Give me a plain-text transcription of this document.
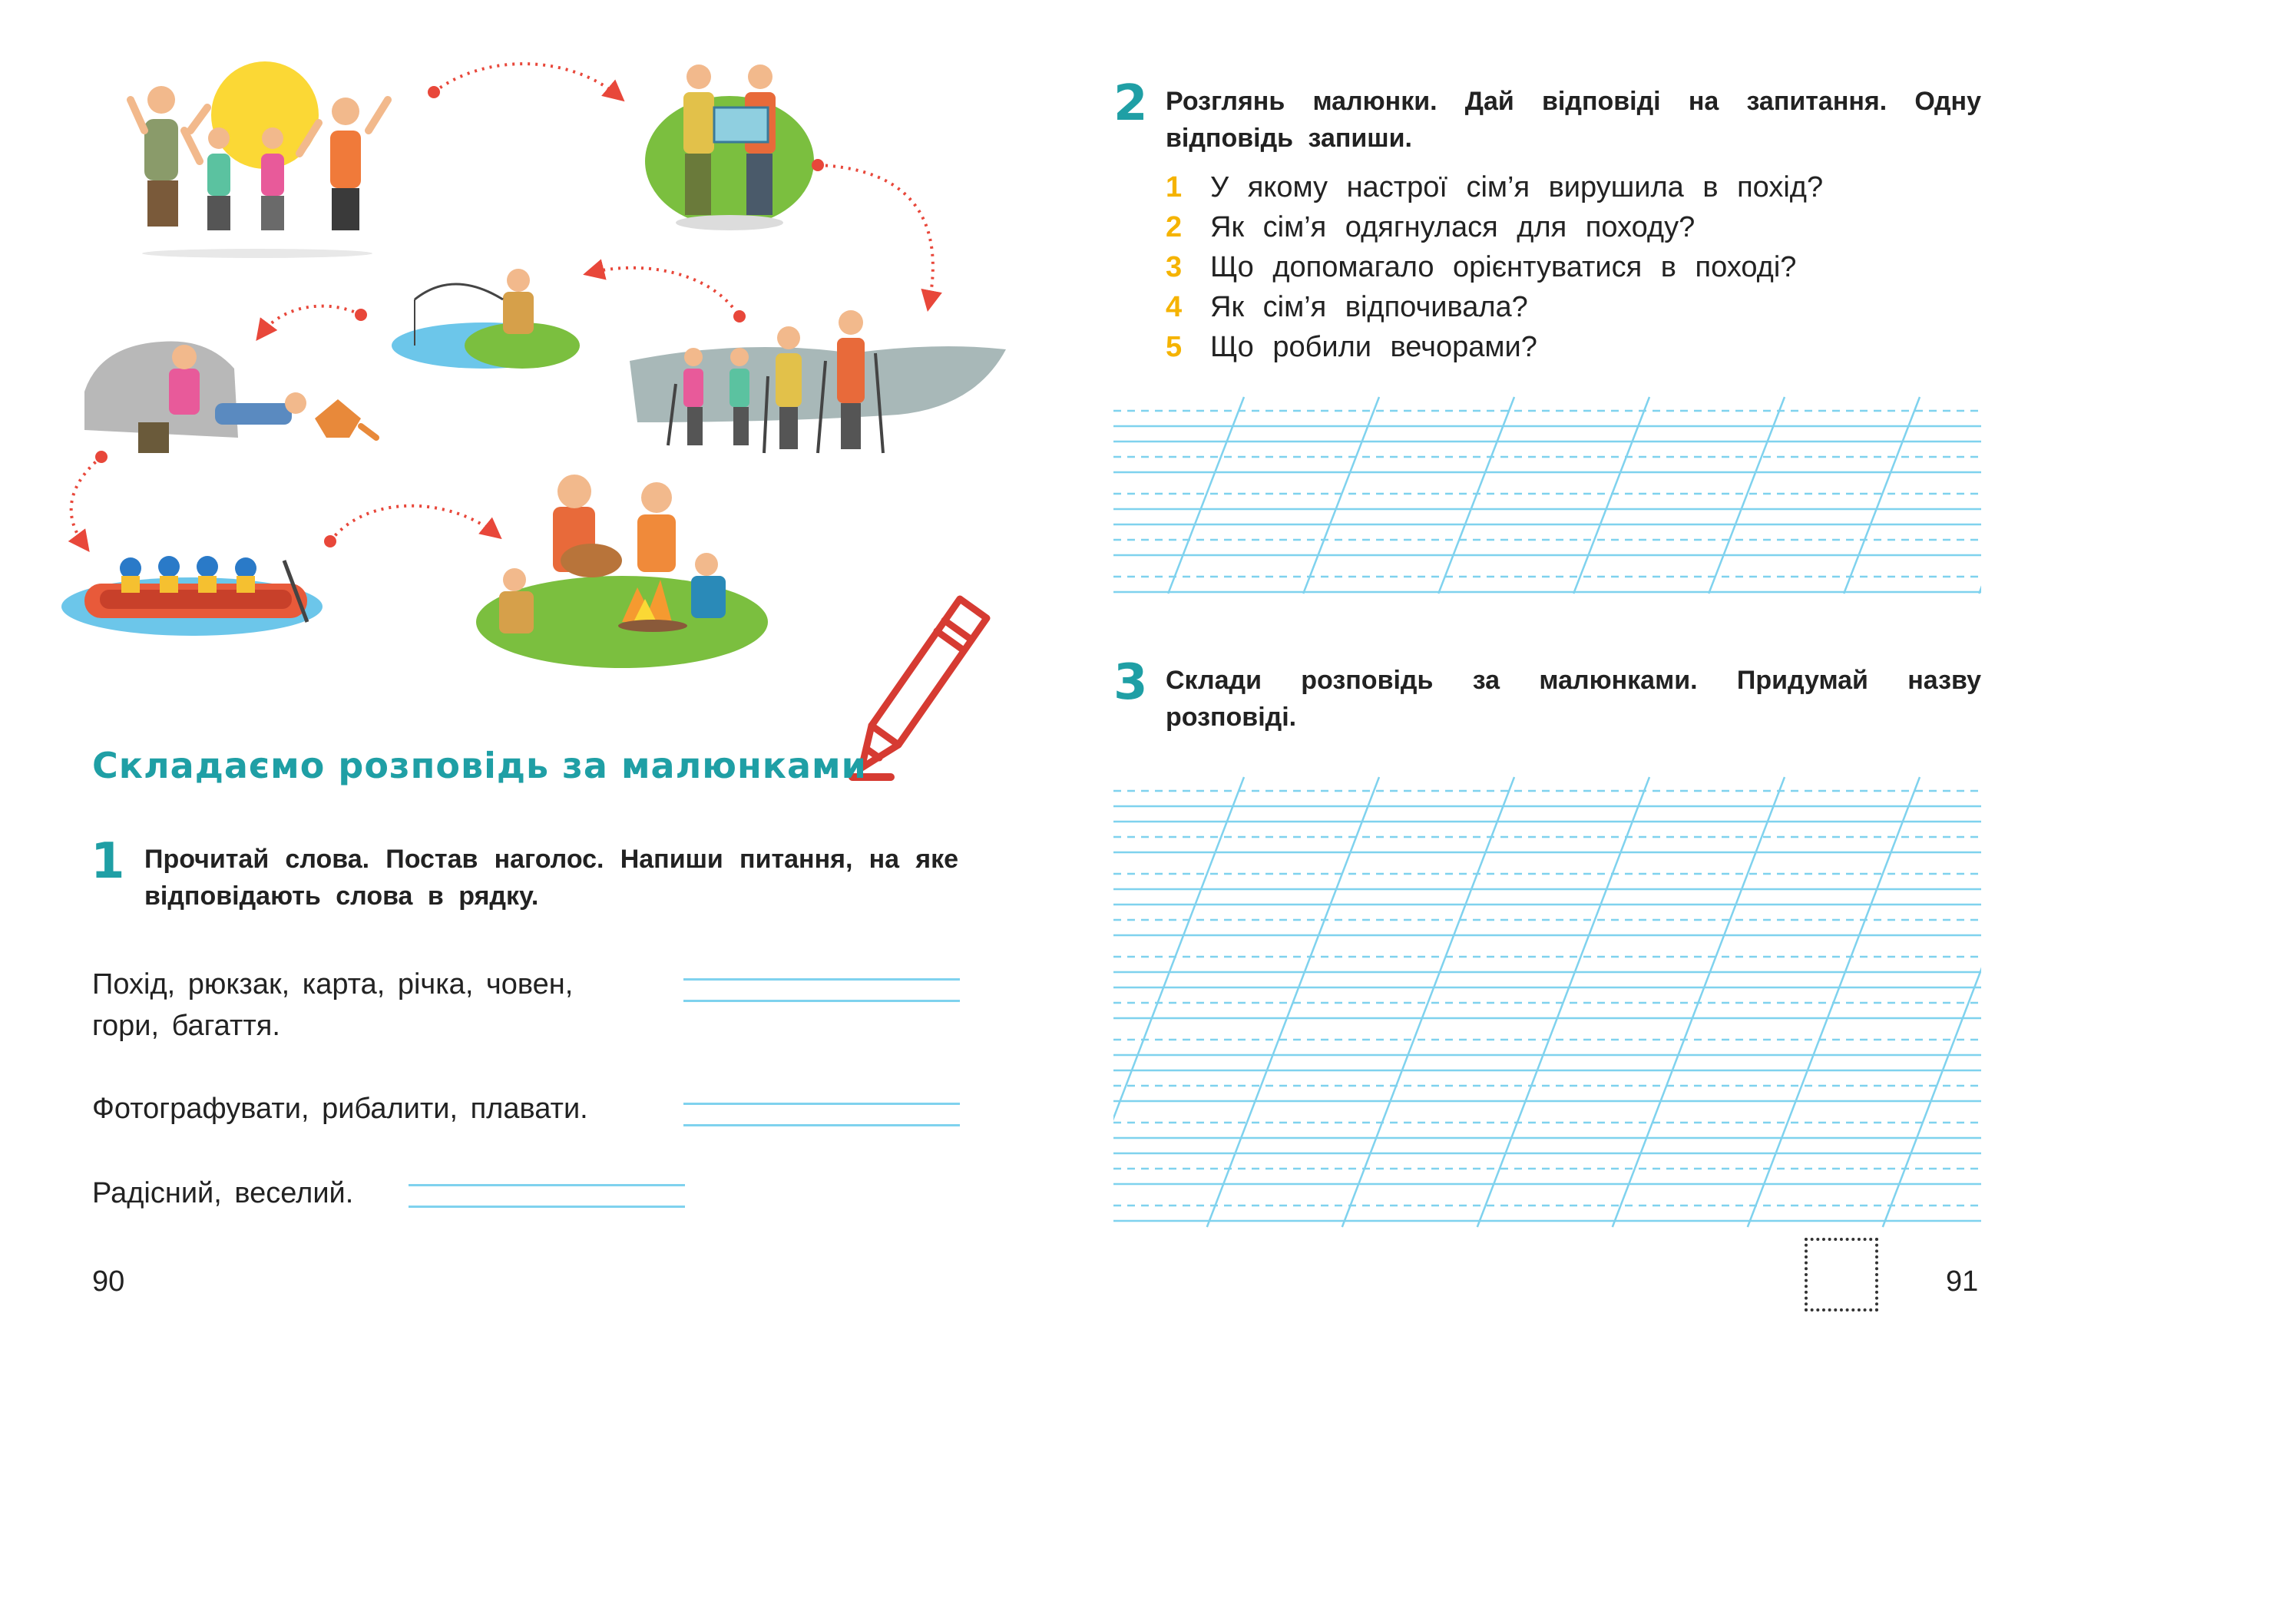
Складаємо розповідь за малюнками
1 Прочитай слова. Постав наголос. Напиши питання, на яке відповідають слова в рядку.
Похід, рюкзак, карта, річка, човен,
гори, багаття.
Фотографувати, рибалити, плавати.
Радісний, веселий.
90
2 Розглянь малюнки. Дай відповіді на запитання. Одну відповідь запиши.
1 У якому настрої сім’я вирушила в похід?
2 Як сім’я одягнулася для походу?
3 Що допомагало орієнтуватися в поході?
4 Як сім’я відпочивала?
5 Що робили вечорами?
3 Склади розповідь за малюнками. Придумай назву розповіді.
91
